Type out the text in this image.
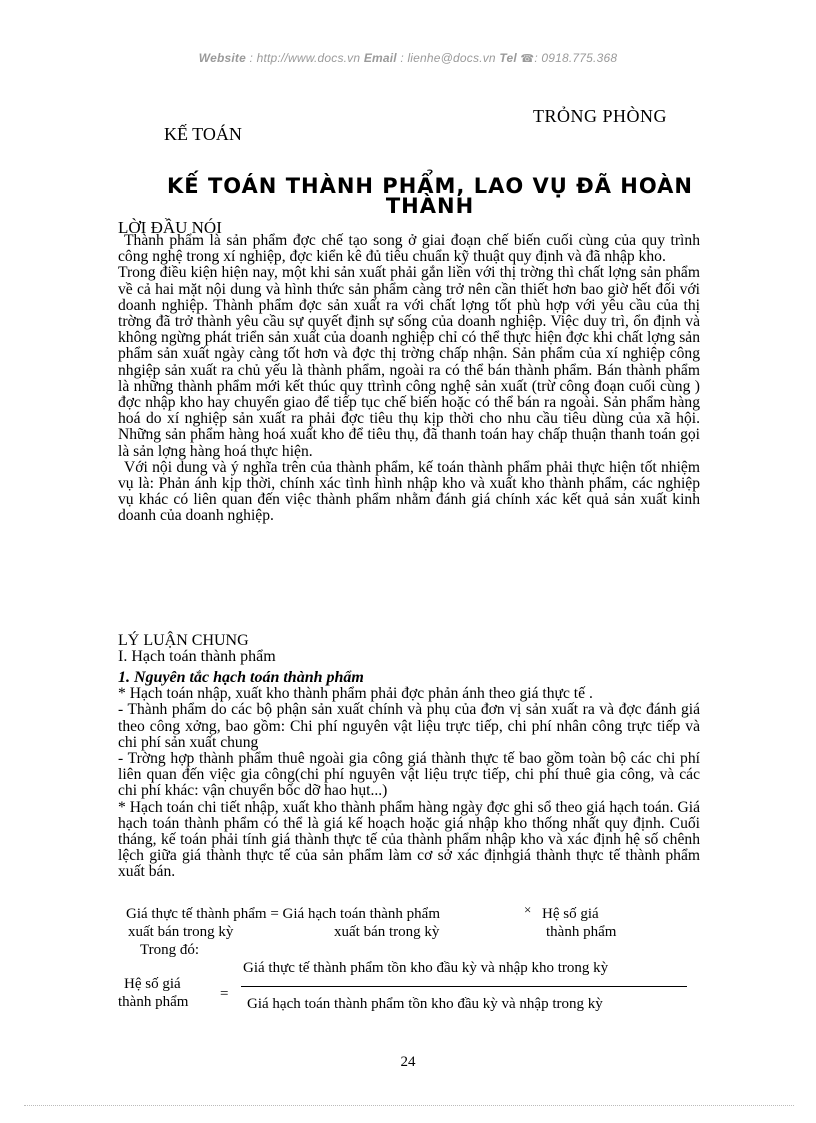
Website : http://www.docs.vn Email : lienhe@docs.vn Tel ☎: 0918.775.368
TRỎNG PHÒNG
KẾ TOÁN
KẾ TOÁN THÀNH PHẨM, LAO VỤ ĐÃ HOÀN THÀNH
LỜI ĐẦU NÓI

Thành phẩm là sản phẩm đợc chế tạo song ở giai đoạn chế biến cuối cùng của quy trình công nghệ trong xí nghiệp, đợc kiển kê đủ tiêu chuẩn kỹ thuật quy định và đã nhập kho.

Trong điều kiện hiện nay, một khi sản xuất phải gắn liền với thị trờng thì chất lợng sản phẩm về cả hai mặt nội dung và hình thức sản phẩm càng trở nên cần thiết hơn bao giờ hết đối với doanh nghiệp. Thành phẩm đợc sản xuất ra với chất lợng tốt phù hợp với yêu cầu của thị trờng đã trở thành yêu cầu sự quyết định sự sống của doanh nghiệp. Việc duy trì, ổn định và không ngừng phát triển sản xuất của doanh nghiệp chỉ có thể thực hiện đợc khi chất lợng sản phẩm sản xuất ngày càng tốt hơn và đợc thị trờng chấp nhận. Sản phẩm của xí nghiệp công nhgiệp sản xuất ra chủ yếu là thành phẩm, ngoài ra có thể bán thành phẩm. Bán thành phẩm là những thành phẩm mới kết thúc quy ttrình công nghệ sản xuất (trừ công đoạn cuối cùng ) đợc nhập kho hay chuyển giao để tiếp tục chế biến hoặc có thể bán ra ngoài. Sản phẩm hàng hoá do xí nghiệp sản xuất ra phải đợc tiêu thụ kịp thời cho nhu cầu tiêu dùng của xã hội. Những sản phẩm hàng hoá xuất kho để tiêu thụ, đã thanh toán hay chấp thuận thanh toán gọi là sản lợng hàng hoá thực hiện.

Với nội dung và ý nghĩa trên của thành phẩm, kế toán thành phẩm phải thực hiện tốt nhiệm vụ là: Phản ánh kịp thời, chính xác tình hình nhập kho và xuất kho thành phẩm, các nghiệp vụ khác có liên quan đến việc thành phẩm nhằm đánh giá chính xác kết quả sản xuất kinh doanh của doanh nghiệp.

LÝ LUẬN CHUNG
I. Hạch toán thành phẩm

1. Nguyên tắc hạch toán thành phẩm

* Hạch toán nhập, xuất kho thành phẩm phải đợc phản ánh theo giá thực tế .

- Thành phẩm do các bộ phận sản xuất chính và phụ của đơn vị sản xuất ra và đợc đánh giá theo công xởng, bao gồm: Chi phí nguyên vật liệu trực tiếp, chi phí nhân công trực tiếp và chi phí sản xuất chung

- Trờng hợp thành phẩm thuê ngoài gia công giá thành thực tế bao gồm toàn bộ các chi phí liên quan đến việc gia công(chi phí nguyên vật liệu trực tiếp, chi phí thuê gia công, và các chi phí khác: vận chuyển bốc dỡ hao hụt...)

* Hạch toán chi tiết nhập, xuất kho thành phẩm hàng ngày đợc ghi sổ theo giá hạch toán. Giá hạch toán thành phẩm có thể là giá kế hoạch hoặc giá nhập kho thống nhất quy định. Cuối tháng, kế toán phải tính giá thành thực tế của thành phẩm nhập kho và xác định hệ số chênh lệch giữa giá thành thực tế của sản phẩm làm cơ sở xác địnhgiá thành thực tế thành phẩm xuất bán.

Giá thực tế thành phẩm = Giá hạch toán thành phẩm	× Hệ số giá
xuất bán trong kỳ	xuất bán trong kỳ	thành phẩm
Trong đó:
Hệ số giá
thành phẩm =
Giá thực tế thành phẩm tồn kho đầu kỳ và nhập kho trong kỳ
Giá hạch toán thành phẩm tồn kho đầu kỳ và nhập trong kỳ
24
